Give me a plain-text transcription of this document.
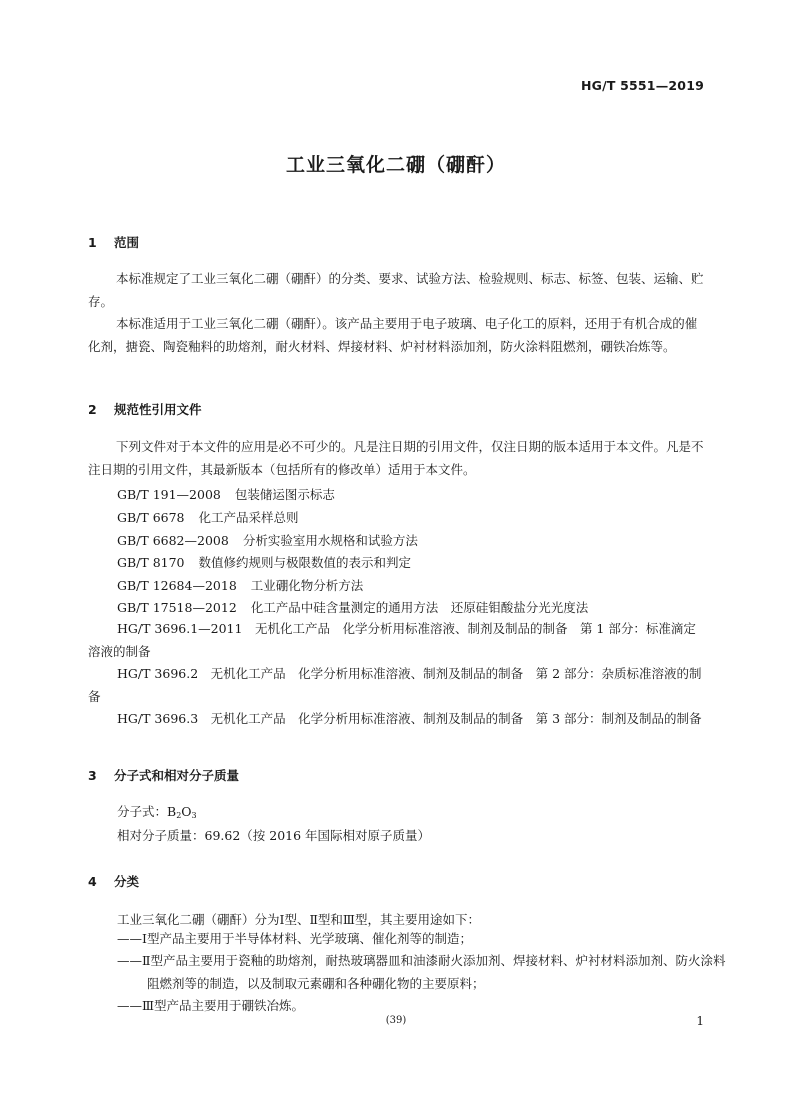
HG/T 5551—2019
工业三氧化二硼（硼酐）
1 范围
本标准规定了工业三氧化二硼（硼酐）的分类、要求、试验方法、检验规则、标志、标签、包装、运输、贮存。
本标准适用于工业三氧化二硼（硼酐）。该产品主要用于电子玻璃、电子化工的原料，还用于有机合成的催化剂，搪瓷、陶瓷釉料的助熔剂，耐火材料、焊接材料、炉衬材料添加剂，防火涂料阻燃剂，硼铁冶炼等。
2 规范性引用文件
下列文件对于本文件的应用是必不可少的。凡是注日期的引用文件，仅注日期的版本适用于本文件。凡是不注日期的引用文件，其最新版本（包括所有的修改单）适用于本文件。
GB/T 191—2008 包装储运图示标志
GB/T 6678 化工产品采样总则
GB/T 6682—2008 分析实验室用水规格和试验方法
GB/T 8170 数值修约规则与极限数值的表示和判定
GB/T 12684—2018 工业硼化物分析方法
GB/T 17518—2012 化工产品中硅含量测定的通用方法　还原硅钼酸盐分光光度法
HG/T 3696.1—2011　无机化工产品　化学分析用标准溶液、制剂及制品的制备　第 1 部分：标准滴定溶液的制备
HG/T 3696.2　无机化工产品　化学分析用标准溶液、制剂及制品的制备　第 2 部分：杂质标准溶液的制备
HG/T 3696.3　无机化工产品　化学分析用标准溶液、制剂及制品的制备　第 3 部分：制剂及制品的制备
3 分子式和相对分子质量
分子式：$B_2O_3$
相对分子质量：69.62（按 2016 年国际相对原子质量）
4 分类
工业三氧化二硼（硼酐）分为Ⅰ型、Ⅱ型和Ⅲ型，其主要用途如下：
——Ⅰ型产品主要用于半导体材料、光学玻璃、催化剂等的制造；
——Ⅱ型产品主要用于瓷釉的助熔剂，耐热玻璃器皿和油漆耐火添加剂、焊接材料、炉衬材料添加剂、防火涂料阻燃剂等的制造，以及制取元素硼和各种硼化物的主要原料；
——Ⅲ型产品主要用于硼铁冶炼。
(39)	1
